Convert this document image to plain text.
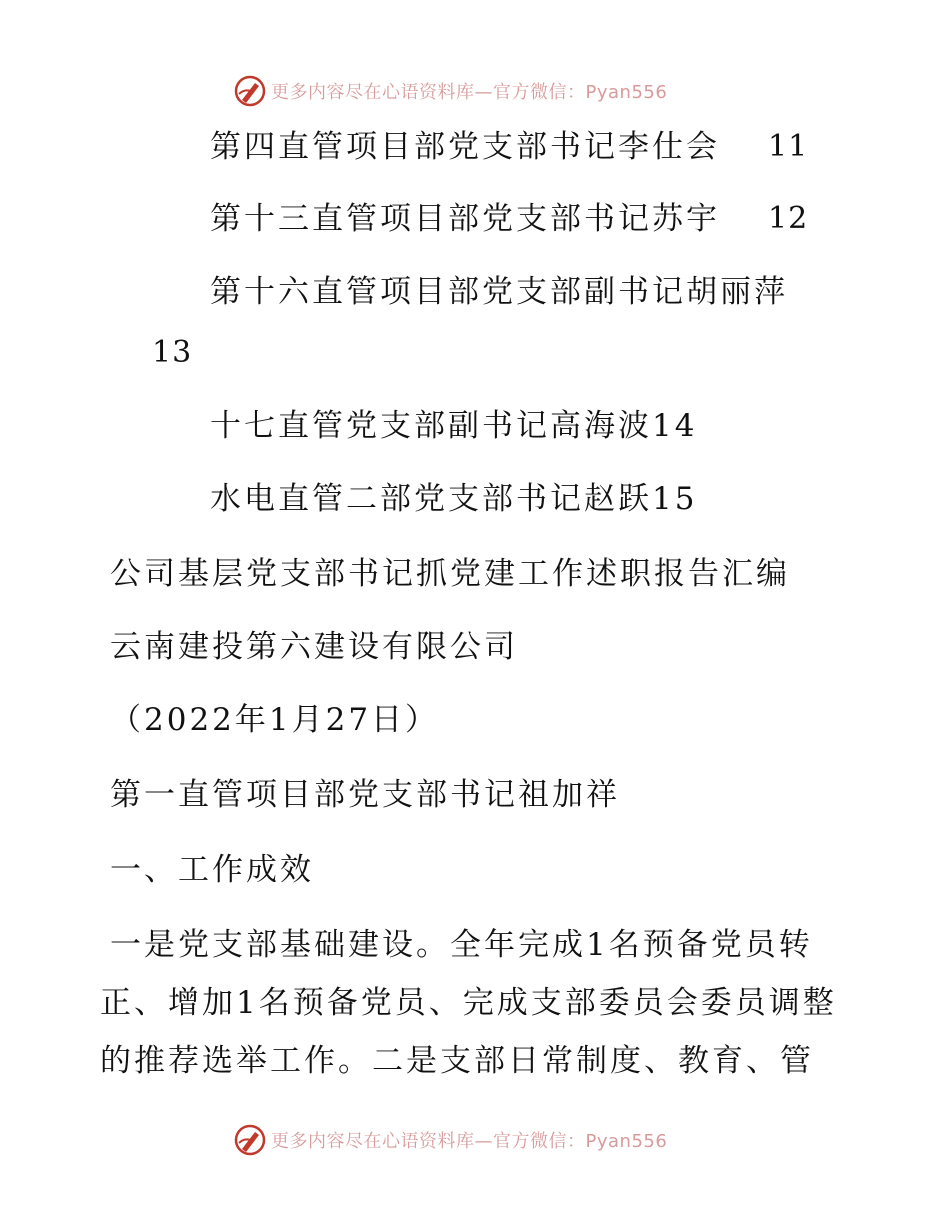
更多内容尽在心语资料库—官方微信：Pyan556
第四直管项目部党支部书记李仕会 11
第十三直管项目部党支部书记苏宇 12
第十六直管项目部党支部副书记胡丽萍
13
十七直管党支部副书记高海波14
水电直管二部党支部书记赵跃15
公司基层党支部书记抓党建工作述职报告汇编
云南建投第六建设有限公司
（2022年1月27日）
第一直管项目部党支部书记祖加祥
一、工作成效
一是党支部基础建设。全年完成1名预备党员转
正、增加1名预备党员、完成支部委员会委员调整
的推荐选举工作。二是支部日常制度、教育、管
更多内容尽在心语资料库—官方微信：Pyan556
